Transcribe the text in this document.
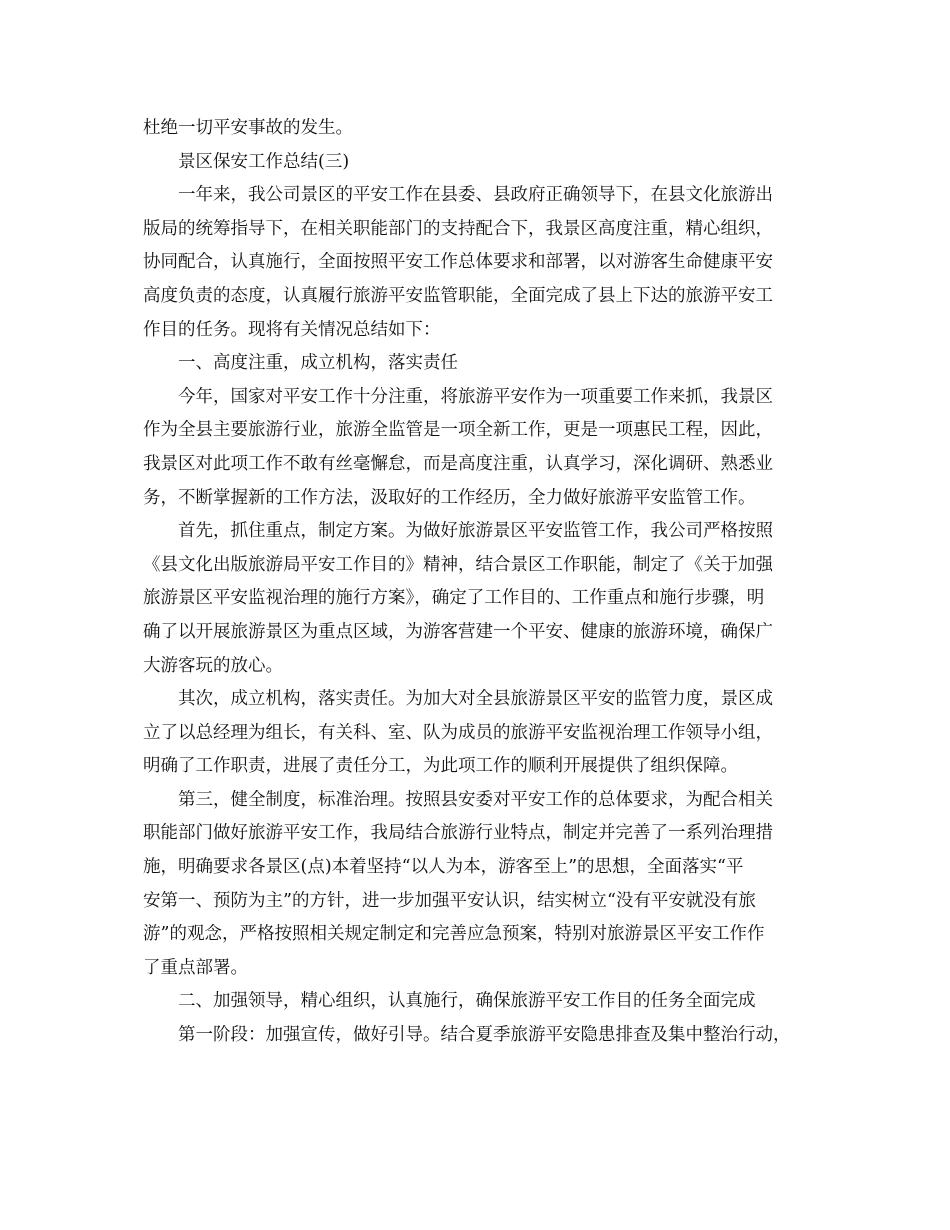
杜绝一切平安事故的发生。
景区保安工作总结(三)
一年来，我公司景区的平安工作在县委、县政府正确领导下，在县文化旅游出
版局的统筹指导下，在相关职能部门的支持配合下，我景区高度注重，精心组织，
协同配合，认真施行，全面按照平安工作总体要求和部署，以对游客生命健康平安
高度负责的态度，认真履行旅游平安监管职能，全面完成了县上下达的旅游平安工
作目的任务。现将有关情况总结如下：
一、高度注重，成立机构，落实责任
今年，国家对平安工作十分注重，将旅游平安作为一项重要工作来抓，我景区
作为全县主要旅游行业，旅游全监管是一项全新工作，更是一项惠民工程，因此，
我景区对此项工作不敢有丝毫懈怠，而是高度注重，认真学习，深化调研、熟悉业
务，不断掌握新的工作方法，汲取好的工作经历，全力做好旅游平安监管工作。
首先，抓住重点，制定方案。为做好旅游景区平安监管工作，我公司严格按照
《县文化出版旅游局平安工作目的》精神，结合景区工作职能，制定了《关于加强
旅游景区平安监视治理的施行方案》，确定了工作目的、工作重点和施行步骤，明
确了以开展旅游景区为重点区域，为游客营建一个平安、健康的旅游环境，确保广
大游客玩的放心。
其次，成立机构，落实责任。为加大对全县旅游景区平安的监管力度，景区成
立了以总经理为组长，有关科、室、队为成员的旅游平安监视治理工作领导小组，
明确了工作职责，进展了责任分工，为此项工作的顺利开展提供了组织保障。
第三，健全制度，标准治理。按照县安委对平安工作的总体要求，为配合相关
职能部门做好旅游平安工作，我局结合旅游行业特点，制定并完善了一系列治理措
施，明确要求各景区(点)本着坚持“以人为本，游客至上”的思想，全面落实“平
安第一、预防为主”的方针，进一步加强平安认识，结实树立“没有平安就没有旅
游”的观念，严格按照相关规定制定和完善应急预案，特别对旅游景区平安工作作
了重点部署。
二、加强领导，精心组织，认真施行，确保旅游平安工作目的任务全面完成
第一阶段：加强宣传，做好引导。结合夏季旅游平安隐患排查及集中整治行动，
